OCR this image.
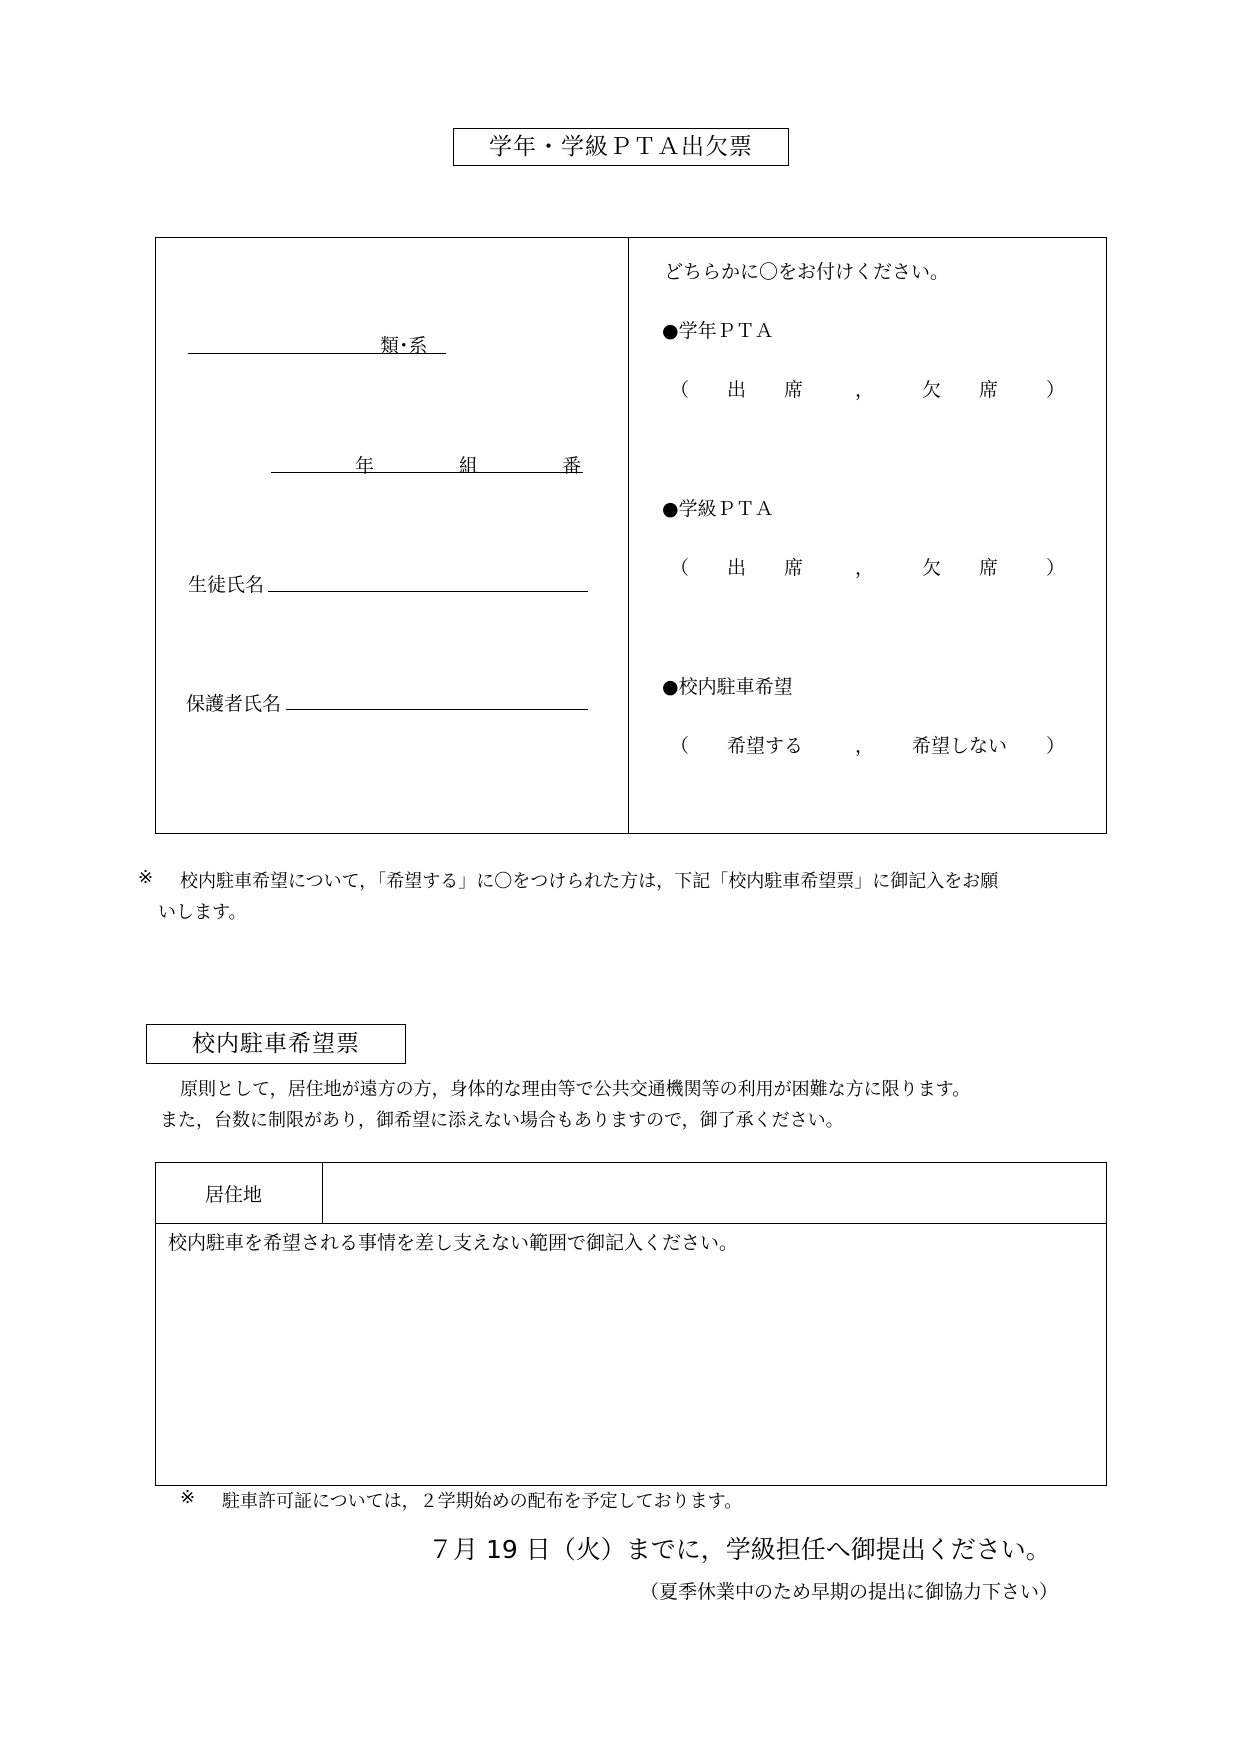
学年・学級ＰＴＡ出欠票
類･系
年	組	番
生徒氏名
保護者氏名
どちらかに〇をお付けください。
●学年ＰＴＡ
（ 出　　席	，	欠　　席	）
●学級ＰＴＡ
（ 出　　席	，	欠　　席	）
●校内駐車希望
（ 希望する	， 希望しない ）
※ 校内駐車希望について，「希望する」に〇をつけられた方は，下記「校内駐車希望票」に御記入をお願
いします。
校内駐車希望票
原則として，居住地が遠方の方，身体的な理由等で公共交通機関等の利用が困難な方に限ります。
また，台数に制限があり，御希望に添えない場合もありますので，御了承ください。
居住地
校内駐車を希望される事情を差し支えない範囲で御記入ください。
※ 駐車許可証については，２学期始めの配布を予定しております。
７月 19 日（火）までに，学級担任へ御提出ください。
（夏季休業中のため早期の提出に御協力下さい）
